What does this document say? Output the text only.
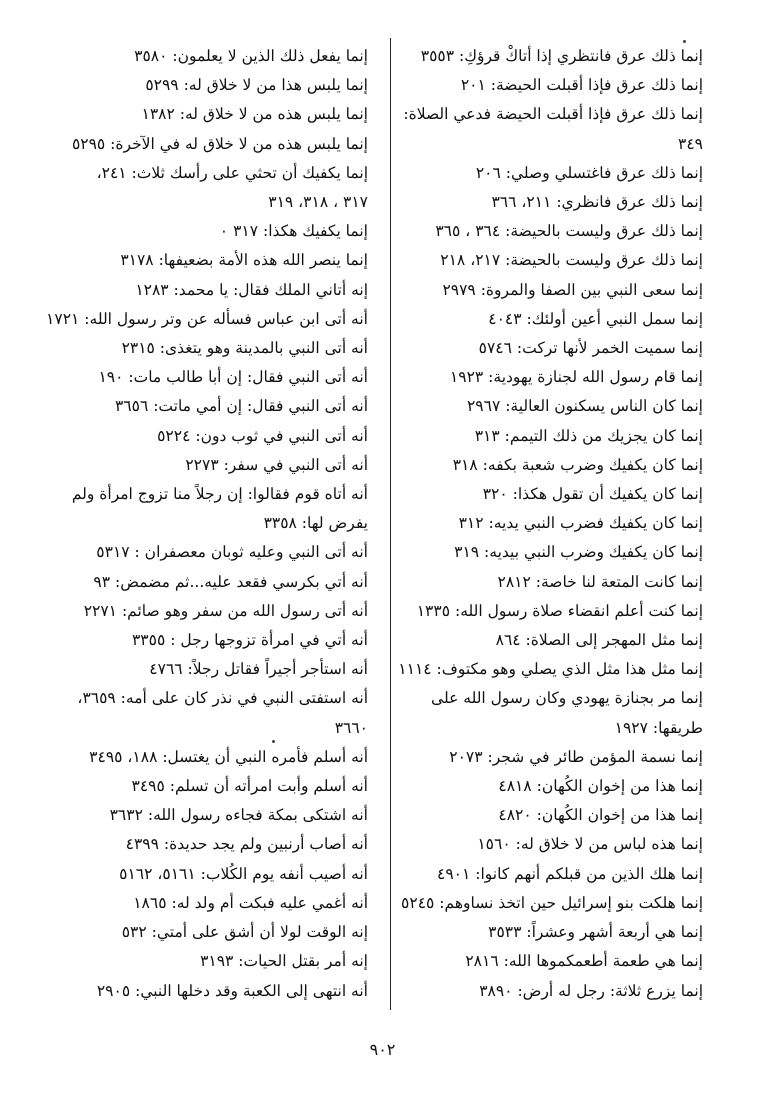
إنما ذلك عرق فانتظري إذا أتاكْ قرؤكِ: ٣٥٥٣
إنما ذلك عرق فإذا أقبلت الحيضة: ٢٠١
إنما ذلك عرق فإذا أقبلت الحيضة فدعي الصلاة: ٣٤٩
إنما ذلك عرق فاغتسلي وصلي: ٢٠٦
إنما ذلك عرق فانظري: ٢١١، ٣٦٦
إنما ذلك عرق وليست بالحيضة: ٣٦٤ ، ٣٦٥
إنما ذلك عرق وليست بالحيضة: ٢١٧، ٢١٨
إنما سعى النبي بين الصفا والمروة: ٢٩٧٩
إنما سمل النبي أعين أولئك: ٤٠٤٣
إنما سميت الخمر لأنها تركت: ٥٧٤٦
إنما قام رسول الله لجنازة يهودية: ١٩٢٣
إنما كان الناس يسكنون العالية: ٢٩٦٧
إنما كان يجزيك من ذلك التيمم: ٣١٣
إنما كان يكفيك وضرب شعبة بكفه: ٣١٨
إنما كان يكفيك أن تقول هكذا: ٣٢٠
إنما كان يكفيك فضرب النبي يديه: ٣١٢
إنما كان يكفيك وضرب النبي بيديه: ٣١٩
إنما كانت المتعة لنا خاصة: ٢٨١٢
إنما كنت أعلم انقضاء صلاة رسول الله: ١٣٣٥
إنما مثل المهجر إلى الصلاة: ٨٦٤
إنما مثل هذا مثل الذي يصلي وهو مكتوف: ١١١٤
إنما مر بجنازة يهودي وكان رسول الله على طريقها: ١٩٢٧
إنما نسمة المؤمن طائر في شجر: ٢٠٧٣
إنما هذا من إخوان الكُهان: ٤٨١٨
إنما هذا من إخوان الكُهان: ٤٨٢٠
إنما هذه لباس من لا خلاق له: ١٥٦٠
إنما هلك الذين من قبلكم أنهم كانوا: ٤٩٠١
إنما هلكت بنو إسرائيل حين اتخذ نساوهم: ٥٢٤٥
إنما هي أربعة أشهر وعشراً: ٣٥٣٣
إنما هي طعمة أطعمكموها الله: ٢٨١٦
إنما يزرع ثلاثة: رجل له أرض: ٣٨٩٠
إنما يفعل ذلك الذين لا يعلمون: ٣٥٨٠
إنما يلبس هذا من لا خلاق له: ٥٢٩٩
إنما يلبس هذه من لا خلاق له: ١٣٨٢
إنما يلبس هذه من لا خلاق له في الآخرة: ٥٢٩٥
إنما يكفيك أن تحثي على رأسك ثلاث: ٢٤١، ٣١٧ ، ٣١٨، ٣١٩
إنما يكفيك هكذا: ٣١٧ ٠
إنما ينصر الله هذه الأمة بضعيفها: ٣١٧٨
إنه أتاني الملك فقال: يا محمد: ١٢٨٣
أنه أتى ابن عباس فسأله عن وتر رسول الله: ١٧٢١
أنه أتى النبي بالمدينة وهو يتغذى: ٢٣١٥
أنه أتى النبي فقال: إن أبا طالب مات: ١٩٠
أنه أتى النبي فقال: إن أمي ماتت: ٣٦٥٦
أنه أتى النبي في ثوب دون: ٥٢٢٤
أنه أتى النبي في سفر: ٢٢٧٣
أنه أتاه قوم فقالوا: إن رجلاً منا تزوج امرأة ولم يفرض لها: ٣٣٥٨
أنه أتى النبي وعليه ثوبان معصفران : ٥٣١٧
أنه أتي بكرسي فقعد عليه...ثم مضمض: ٩٣
أنه أتى رسول الله من سفر وهو صائم: ٢٢٧١
أنه أتي في امرأة تزوجها رجل : ٣٣٥٥
أنه استأجر أجيراً فقاتل رجلاً: ٤٧٦٦
أنه استفتى النبي في نذر كان على أمه: ٣٦٥٩، ٣٦٦٠
أنه أسلم فأمره النبي أن يغتسل: ١٨٨، ٣٤٩٥
أنه أسلم وأبت امرأته أن تسلم: ٣٤٩٥
أنه اشتكى بمكة فجاءه رسول الله: ٣٦٣٢
أنه أصاب أرنبين ولم يجد حديدة: ٤٣٩٩
أنه أصيب أنفه يوم الكُلاب: ٥١٦١، ٥١٦٢
أنه أغمي عليه فبكت أم ولد له: ١٨٦٥
إنه الوقت لولا أن أشق على أمتي: ٥٣٢
إنه أمر بقتل الحيات: ٣١٩٣
أنه انتهى إلى الكعبة وقد دخلها النبي: ٢٩٠٥
٩٠٢
